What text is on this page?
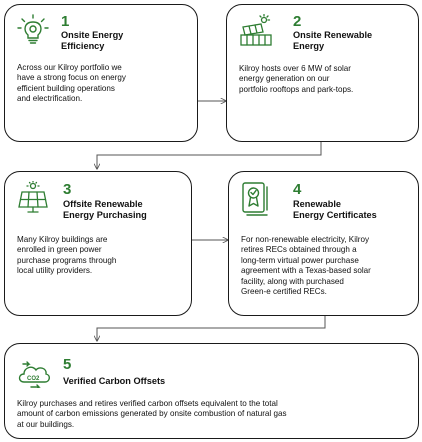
1
Onsite Energy
Efficiency
Across our Kilroy portfolio we
have a strong focus on energy
efficient building operations
and electrification.
2
Onsite Renewable
Energy
Kilroy hosts over 6 MW of solar
energy generation on our
portfolio rooftops and park-tops.
3
Offsite Renewable
Energy Purchasing
Many Kilroy buildings are
enrolled in green power
purchase programs through
local utility providers.
4
Renewable
Energy Certificates
For non-renewable electricity, Kilroy
retires RECs obtained through a
long-term virtual power purchase
agreement with a Texas-based solar
facility, along with purchased
Green-e certified RECs.
CO2
5
Verified Carbon Offsets
Kilroy purchases and retires verified carbon offsets equivalent to the total
amount of carbon emissions generated by onsite combustion of natural gas
at our buildings.
